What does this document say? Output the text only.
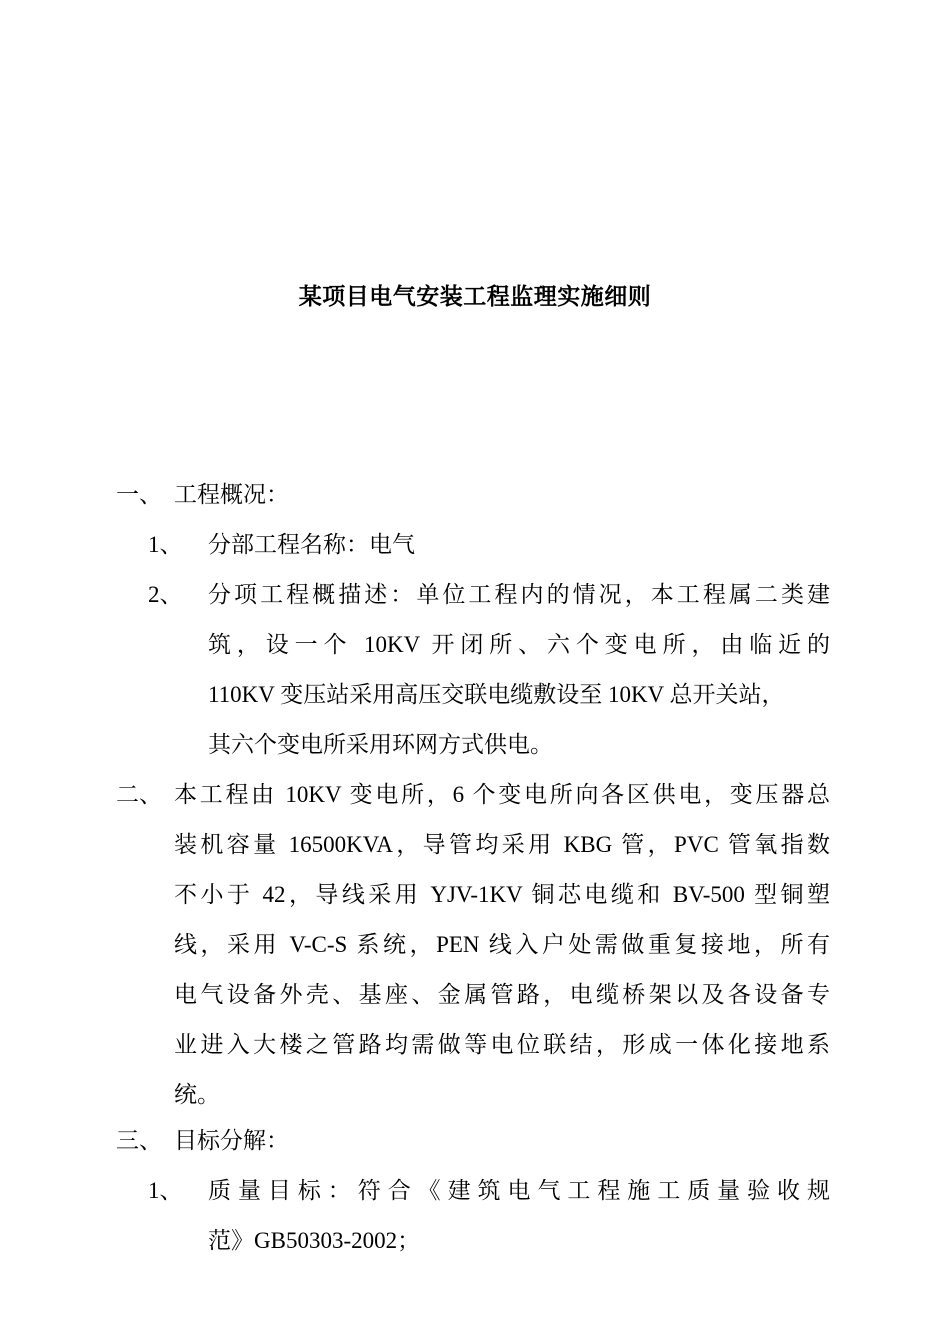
某项目电气安装工程监理实施细则
一、 工程概况：
1、 分部工程名称：电气
2、 分项工程概描述：单位工程内的情况，本工程属二类建
筑，设一个 10KV 开闭所、六个变电所，由临近的
110KV 变压站采用高压交联电缆敷设至 10KV 总开关站，
其六个变电所采用环网方式供电。
二、 本工程由 10KV 变电所，6 个变电所向各区供电，变压器总
装机容量 16500KVA，导管均采用 KBG 管，PVC 管氧指数
不小于 42，导线采用 YJV-1KV 铜芯电缆和 BV-500 型铜塑
线，采用 V-C-S 系统，PEN 线入户处需做重复接地，所有
电气设备外壳、基座、金属管路，电缆桥架以及各设备专
业进入大楼之管路均需做等电位联结，形成一体化接地系
统。
三、 目标分解：
1、 质量目标：符合《建筑电气工程施工质量验收规
范》GB50303-2002；
